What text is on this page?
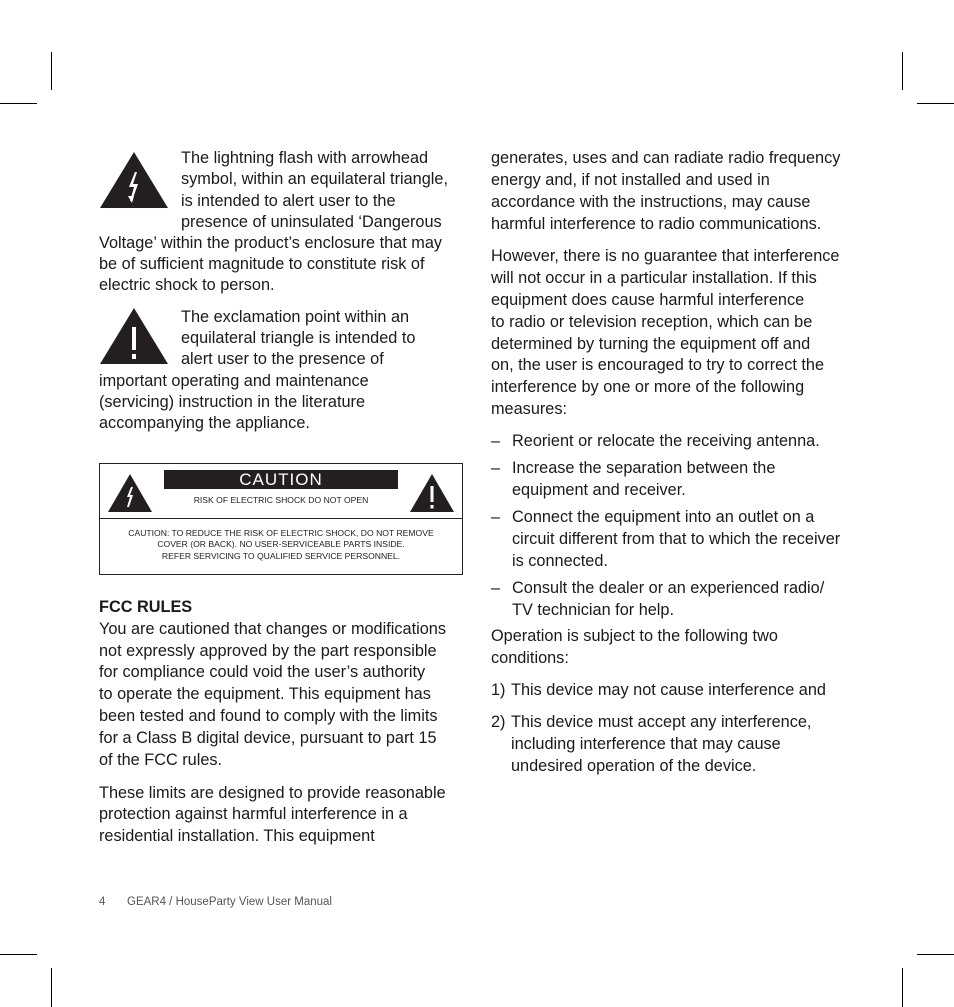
The lightning flash with arrowhead

symbol, within an equilateral triangle,

is intended to alert user to the

presence of uninsulated ‘Dangerous

Voltage’ within the product’s enclosure that may

be of sufficient magnitude to constitute risk of

electric shock to person.

The exclamation point within an

equilateral triangle is intended to

alert user to the presence of

important operating and maintenance

(servicing) instruction in the literature

accompanying the appliance.

CAUTION
RISK OF ELECTRIC SHOCK DO NOT OPEN
CAUTION: TO REDUCE THE RISK OF ELECTRIC SHOCK, DO NOT REMOVE
COVER (OR BACK). NO USER-SERVICEABLE PARTS INSIDE.
REFER SERVICING TO QUALIFIED SERVICE PERSONNEL.

FCC RULES

You are cautioned that changes or modifications

not expressly approved by the part responsible

for compliance could void the user’s authority

to operate the equipment. This equipment has

been tested and found to comply with the limits

for a Class B digital device, pursuant to part 15

of the FCC rules.

These limits are designed to provide reasonable

protection against harmful interference in a

residential installation. This equipment

generates, uses and can radiate radio frequency

energy and, if not installed and used in

accordance with the instructions, may cause

harmful interference to radio communications.

However, there is no guarantee that interference

will not occur in a particular installation. If this

equipment does cause harmful interference

to radio or television reception, which can be

determined by turning the equipment off and

on, the user is encouraged to try to correct the

interference by one or more of the following

measures:

– Reorient or relocate the receiving antenna.
– Increase the separation between the
equipment and receiver.
– Connect the equipment into an outlet on a
circuit different from that to which the receiver
is connected.
– Consult the dealer or an experienced radio/
TV technician for help.

Operation is subject to the following two

conditions:

1) This device may not cause interference and
2) This device must accept any interference,
including interference that may cause
undesired operation of the device.
4 GEAR4 / HouseParty View User Manual
